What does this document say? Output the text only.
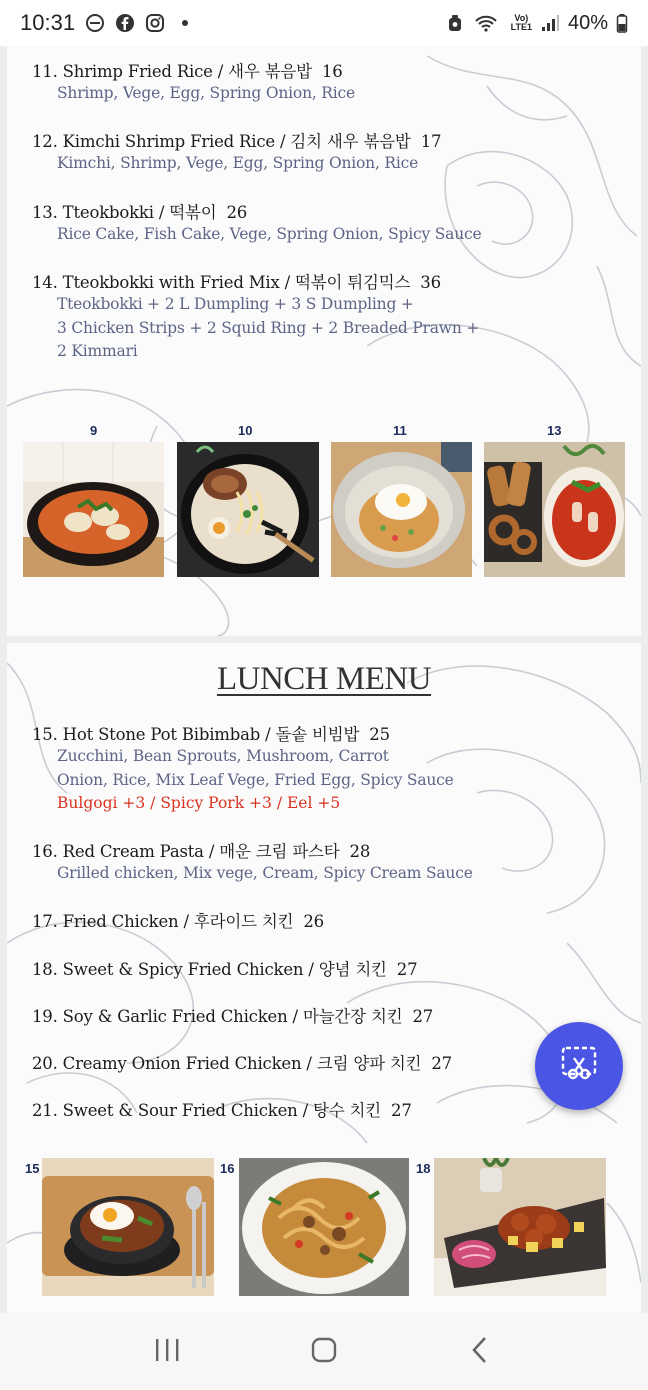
10:31	Vo)
LTE1 40%
11. Shrimp Fried Rice / 새우 볶음밥 16
Shrimp, Vege, Egg, Spring Onion, Rice
12. Kimchi Shrimp Fried Rice / 김치 새우 볶음밥 17
Kimchi, Shrimp, Vege, Egg, Spring Onion, Rice
13. Tteokbokki / 떡볶이 26
Rice Cake, Fish Cake, Vege, Spring Onion, Spicy Sauce
14. Tteokbokki with Fried Mix / 떡볶이 튀김믹스 36
Tteokbokki + 2 L Dumpling + 3 S Dumpling +
3 Chicken Strips + 2 Squid Ring + 2 Breaded Prawn +
2 Kimmari
9	10	11	13
LUNCH MENU
15. Hot Stone Pot Bibimbab / 돌솥 비빔밥 25
Zucchini, Bean Sprouts, Mushroom, Carrot
Onion, Rice, Mix Leaf Vege, Fried Egg, Spicy Sauce
Bulgogi +3 / Spicy Pork +3 / Eel +5
16. Red Cream Pasta / 매운 크림 파스타 28
Grilled chicken, Mix vege, Cream, Spicy Cream Sauce
17. Fried Chicken / 후라이드 치킨 26
18. Sweet & Spicy Fried Chicken / 양념 치킨 27
19. Soy & Garlic Fried Chicken / 마늘간장 치킨 27
20. Creamy Onion Fried Chicken / 크림 양파 치킨 27
21. Sweet & Sour Fried Chicken / 탕수 치킨 27
15	16	18
